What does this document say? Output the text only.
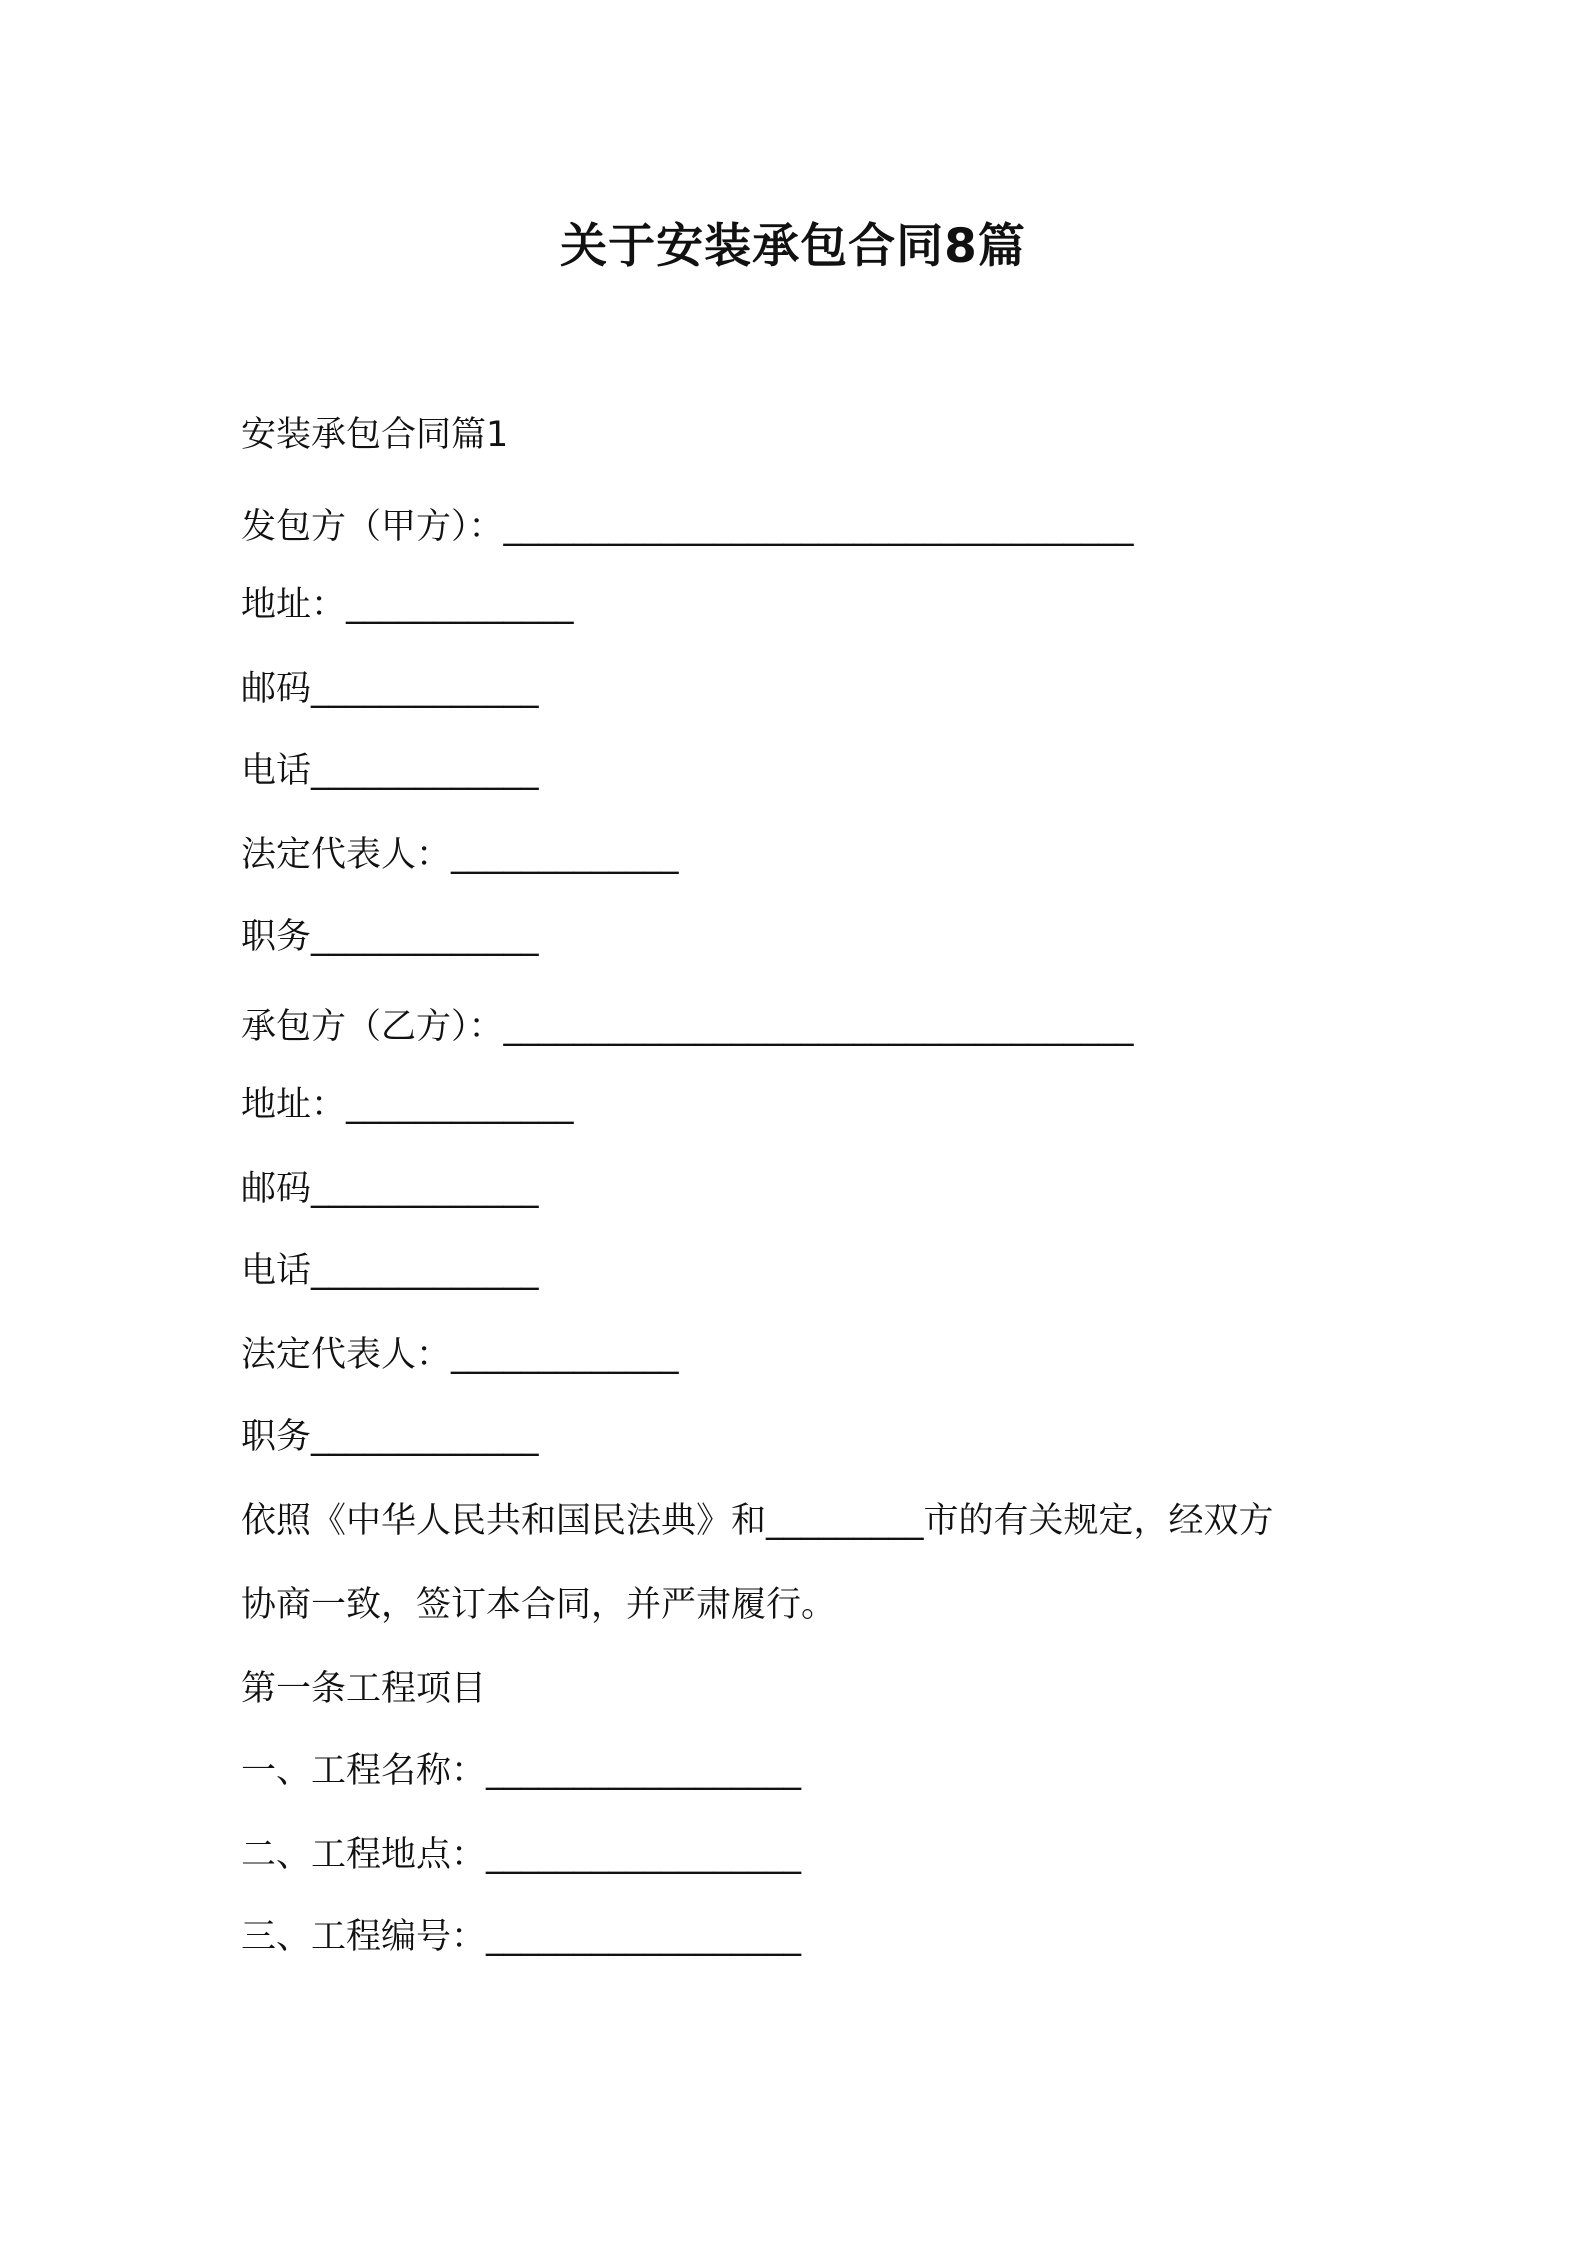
关于安装承包合同8篇
安装承包合同篇1
发包方（甲方）：____________________________________
地址：_____________
邮码_____________
电话_____________
法定代表人：_____________
职务_____________
承包方（乙方）：____________________________________
地址：_____________
邮码_____________
电话_____________
法定代表人：_____________
职务_____________
依照《中华人民共和国民法典》和_________市的有关规定，经双方
协商一致，签订本合同，并严肃履行。
第一条工程项目
一、工程名称：__________________
二、工程地点：__________________
三、工程编号：__________________
